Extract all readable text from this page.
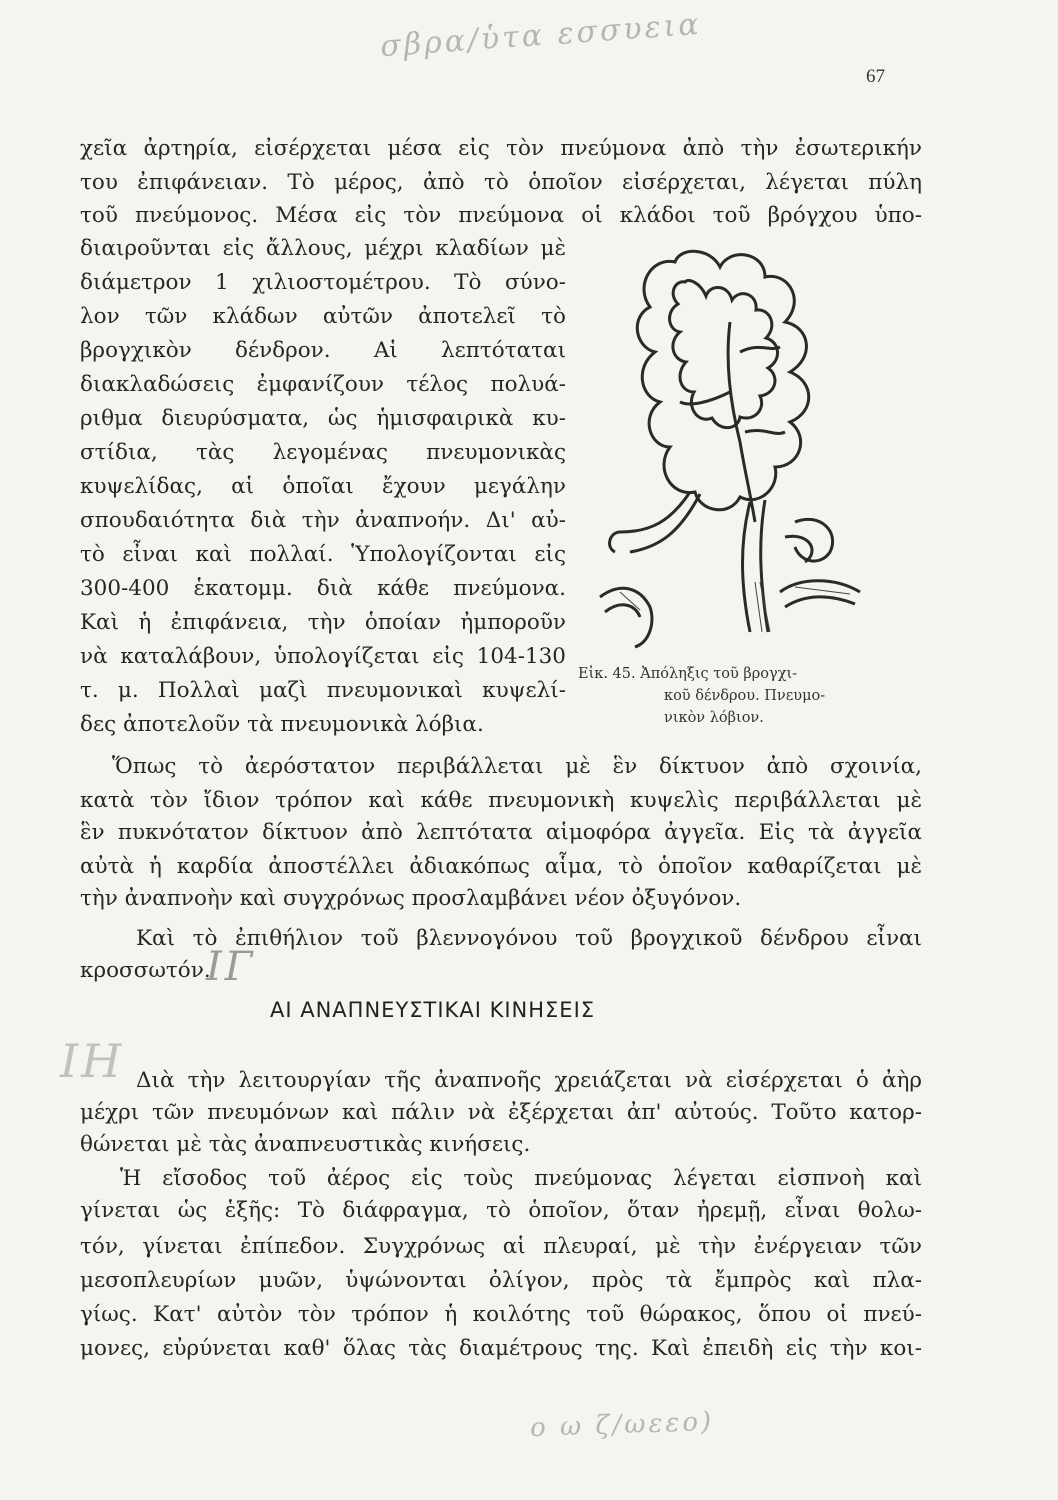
σβρα/ὑτα εσσυεια
67
χεῖα ἀρτηρία, εἰσέρχεται μέσα εἰς τὸν πνεύμονα ἀπὸ τὴν ἐσωτερικήν
του ἐπιφάνειαν. Τὸ μέρος, ἀπὸ τὸ ὁποῖον εἰσέρχεται, λέγεται πύλη
τοῦ πνεύμονος. Μέσα εἰς τὸν πνεύμονα οἱ κλάδοι τοῦ βρόγχου ὑπο-
διαιροῦνται εἰς ἄλλους, μέχρι κλαδίων μὲ
διάμετρον 1 χιλιοστομέτρου. Τὸ σύνο-
λον τῶν κλάδων αὐτῶν ἀποτελεῖ τὸ
βρογχικὸν δένδρον. Αἱ λεπτόταται
διακλαδώσεις ἐμφανίζουν τέλος πολυά-
ριθμα διευρύσματα, ὡς ἡμισφαιρικὰ κυ-
στίδια, τὰς λεγομένας πνευμονικὰς
κυψελίδας, αἱ ὁποῖαι ἔχουν μεγάλην
σπουδαιότητα διὰ τὴν ἀναπνοήν. Δι' αὐ-
τὸ εἶναι καὶ πολλαί. Ὑπολογίζονται εἰς
300-400 ἑκατομμ. διὰ κάθε πνεύμονα.
Καὶ ἡ ἐπιφάνεια, τὴν ὁποίαν ἠμποροῦν
νὰ καταλάβουν, ὑπολογίζεται εἰς 104-130
τ. μ. Πολλαὶ μαζὶ πνευμονικαὶ κυψελί-
δες ἀποτελοῦν τὰ πνευμονικὰ λόβια.
Εἰκ. 45. Ἀπόληξις τοῦ βρογχι-
κοῦ δένδρου. Πνευμο-
νικὸν λόβιον.
Ὅπως τὸ ἀερόστατον περιβάλλεται μὲ ἓν δίκτυον ἀπὸ σχοινία,
κατὰ τὸν ἴδιον τρόπον καὶ κάθε πνευμονικὴ κυψελὶς περιβάλλεται μὲ
ἓν πυκνότατον δίκτυον ἀπὸ λεπτότατα αἱμοφόρα ἀγγεῖα. Εἰς τὰ ἀγγεῖα
αὐτὰ ἡ καρδία ἀποστέλλει ἀδιακόπως αἷμα, τὸ ὁποῖον καθαρίζεται μὲ
τὴν ἀναπνοὴν καὶ συγχρόνως προσλαμβάνει νέον ὀξυγόνον.
Καὶ τὸ ἐπιθήλιον τοῦ βλεννογόνου τοῦ βρογχικοῦ δένδρου εἶναι
κροσσωτόν.
ΙΓ
ΑΙ ΑΝΑΠΝΕΥΣΤΙΚΑΙ ΚΙΝΗΣΕΙΣ
ΙΗ Διὰ τὴν λειτουργίαν τῆς ἀναπνοῆς χρειάζεται νὰ εἰσέρχεται ὁ ἀὴρ
μέχρι τῶν πνευμόνων καὶ πάλιν νὰ ἐξέρχεται ἀπ' αὐτούς. Τοῦτο κατορ-
θώνεται μὲ τὰς ἀναπνευστικὰς κινήσεις.
Ἡ εἴσοδος τοῦ ἀέρος εἰς τοὺς πνεύμονας λέγεται εἰσπνοὴ καὶ
γίνεται ὡς ἑξῆς: Τὸ διάφραγμα, τὸ ὁποῖον, ὅταν ἠρεμῇ, εἶναι θολω-
τόν, γίνεται ἐπίπεδον. Συγχρόνως αἱ πλευραί, μὲ τὴν ἐνέργειαν τῶν
μεσοπλευρίων μυῶν, ὑψώνονται ὀλίγον, πρὸς τὰ ἔμπρὸς καὶ πλα-
γίως. Κατ' αὐτὸν τὸν τρόπον ἡ κοιλότης τοῦ θώρακος, ὅπου οἱ πνεύ-
μονες, εὐρύνεται καθ' ὅλας τὰς διαμέτρους της. Καὶ ἐπειδὴ εἰς τὴν κοι-
ο ω ζ/ωεεο)
